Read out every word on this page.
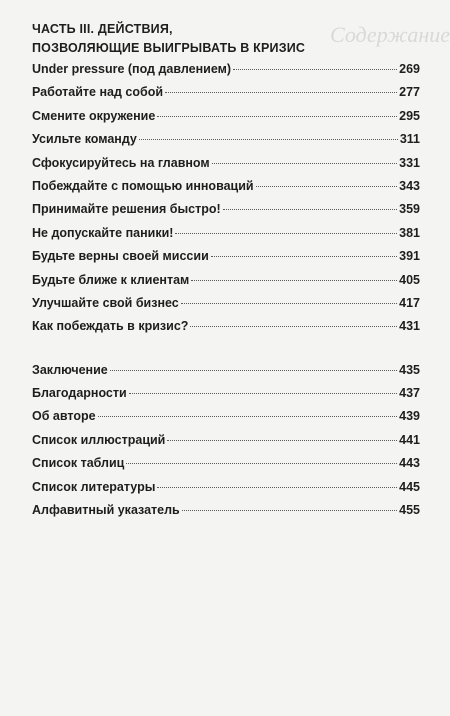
Содержание
ЧАСТЬ III. ДЕЙСТВИЯ,
ПОЗВОЛЯЮЩИЕ ВЫИГРЫВАТЬ В КРИЗИС
Under pressure (под давлением)	269
Работайте над собой	277
Смените окружение	295
Усильте команду	311
Сфокусируйтесь на главном	331
Побеждайте с помощью инноваций	343
Принимайте решения быстро!	359
Не допускайте паники!	381
Будьте верны своей миссии	391
Будьте ближе к клиентам	405
Улучшайте свой бизнес	417
Как побеждать в кризис?	431
Заключение	435
Благодарности	437
Об авторе	439
Список иллюстраций	441
Список таблиц	443
Список литературы	445
Алфавитный указатель	455
